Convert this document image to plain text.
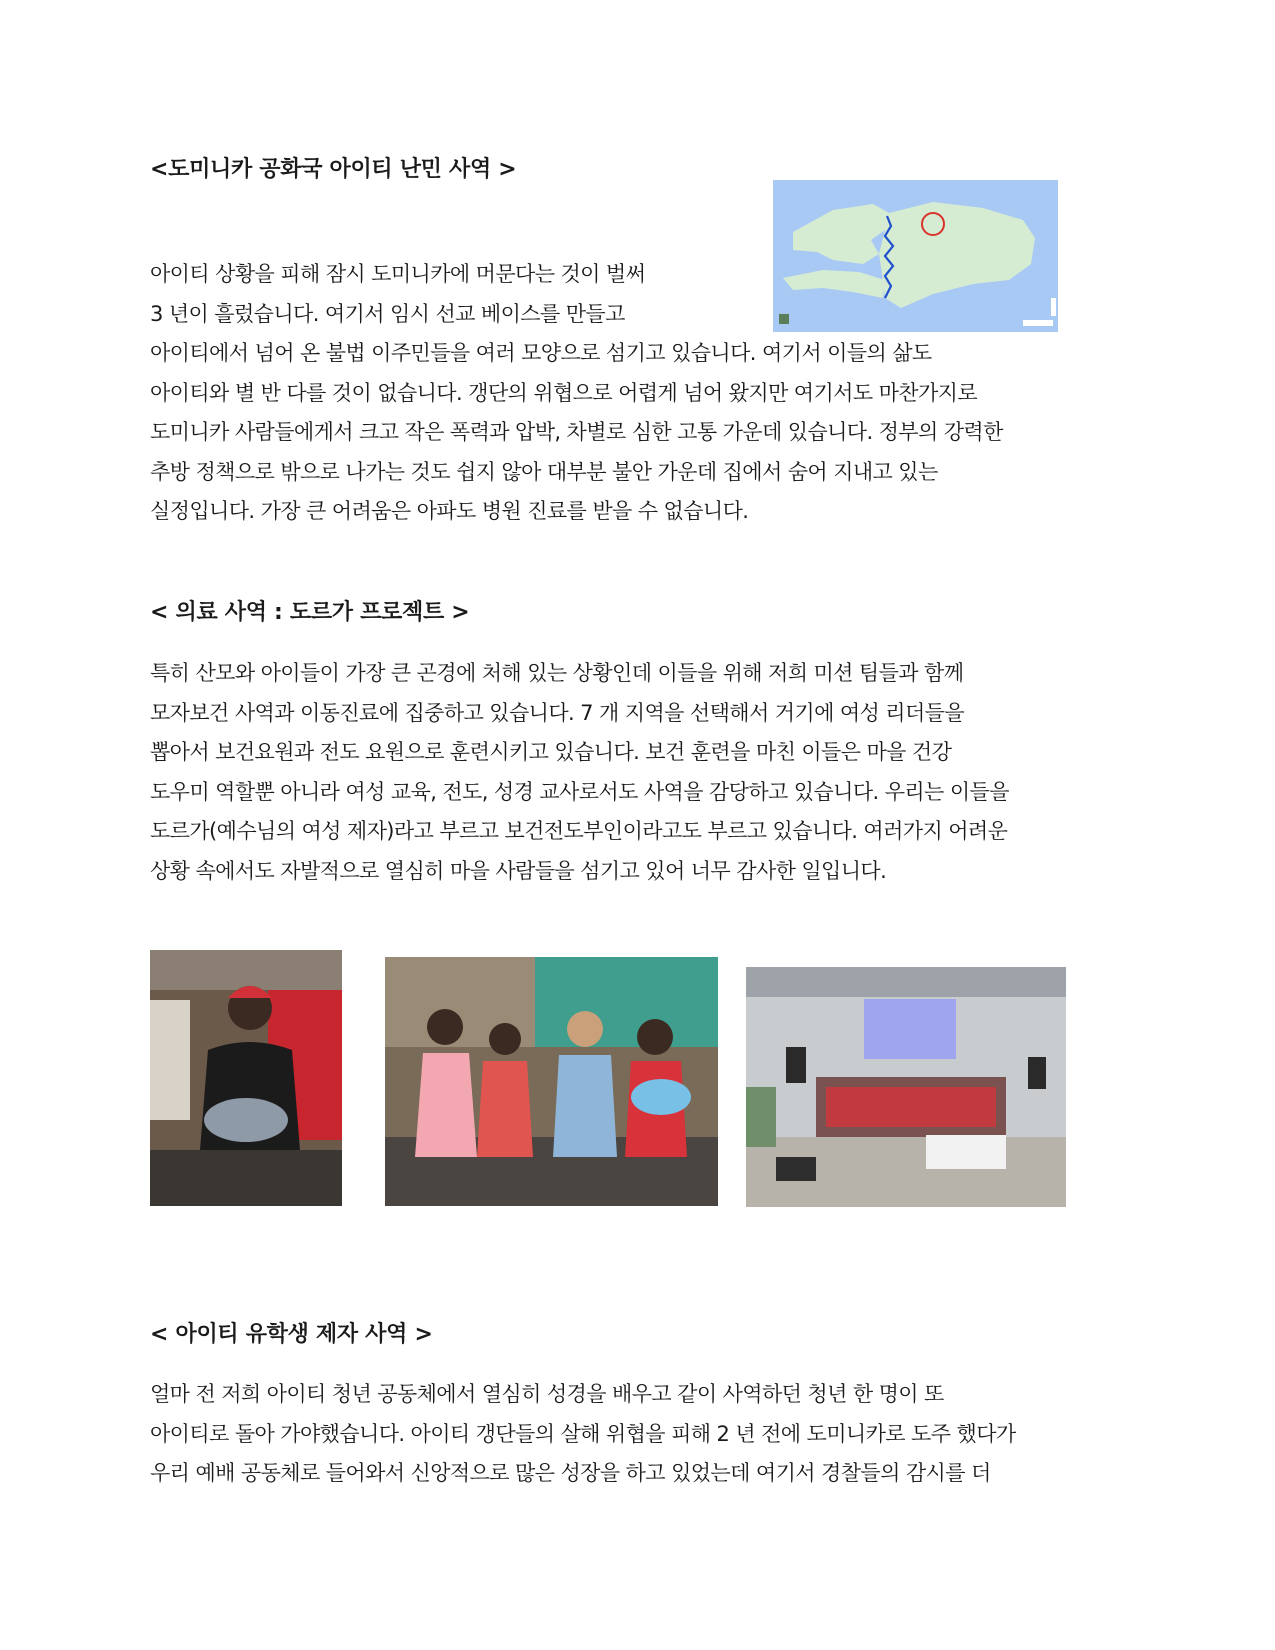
<도미니카 공화국 아이티 난민 사역 >
아이티 상황을 피해 잠시 도미니카에 머문다는 것이 벌써
3 년이 흘렀습니다. 여기서 임시 선교 베이스를 만들고
아이티에서 넘어 온 불법 이주민들을 여러 모양으로 섬기고 있습니다. 여기서 이들의 삶도
아이티와 별 반 다를 것이 없습니다. 갱단의 위협으로 어렵게 넘어 왔지만 여기서도 마찬가지로
도미니카 사람들에게서 크고 작은 폭력과 압박, 차별로 심한 고통 가운데 있습니다. 정부의 강력한
추방 정책으로 밖으로 나가는 것도 쉽지 않아 대부분 불안 가운데 집에서 숨어 지내고 있는
실정입니다. 가장 큰 어려움은 아파도 병원 진료를 받을 수 없습니다.
< 의료 사역 : 도르가 프로젝트 >
특히 산모와 아이들이 가장 큰 곤경에 처해 있는 상황인데 이들을 위해 저희 미션 팀들과 함께
모자보건 사역과 이동진료에 집중하고 있습니다. 7 개 지역을 선택해서 거기에 여성 리더들을
뽑아서 보건요원과 전도 요원으로 훈련시키고 있습니다. 보건 훈련을 마친 이들은 마을 건강
도우미 역할뿐 아니라 여성 교육, 전도, 성경 교사로서도 사역을 감당하고 있습니다. 우리는 이들을
도르가(예수님의 여성 제자)라고 부르고 보건전도부인이라고도 부르고 있습니다. 여러가지 어려운
상황 속에서도 자발적으로 열심히 마을 사람들을 섬기고 있어 너무 감사한 일입니다.
< 아이티 유학생 제자 사역 >
얼마 전 저희 아이티 청년 공동체에서 열심히 성경을 배우고 같이 사역하던 청년 한 명이 또
아이티로 돌아 가야했습니다. 아이티 갱단들의 살해 위협을 피해 2 년 전에 도미니카로 도주 했다가
우리 예배 공동체로 들어와서 신앙적으로 많은 성장을 하고 있었는데 여기서 경찰들의 감시를 더
